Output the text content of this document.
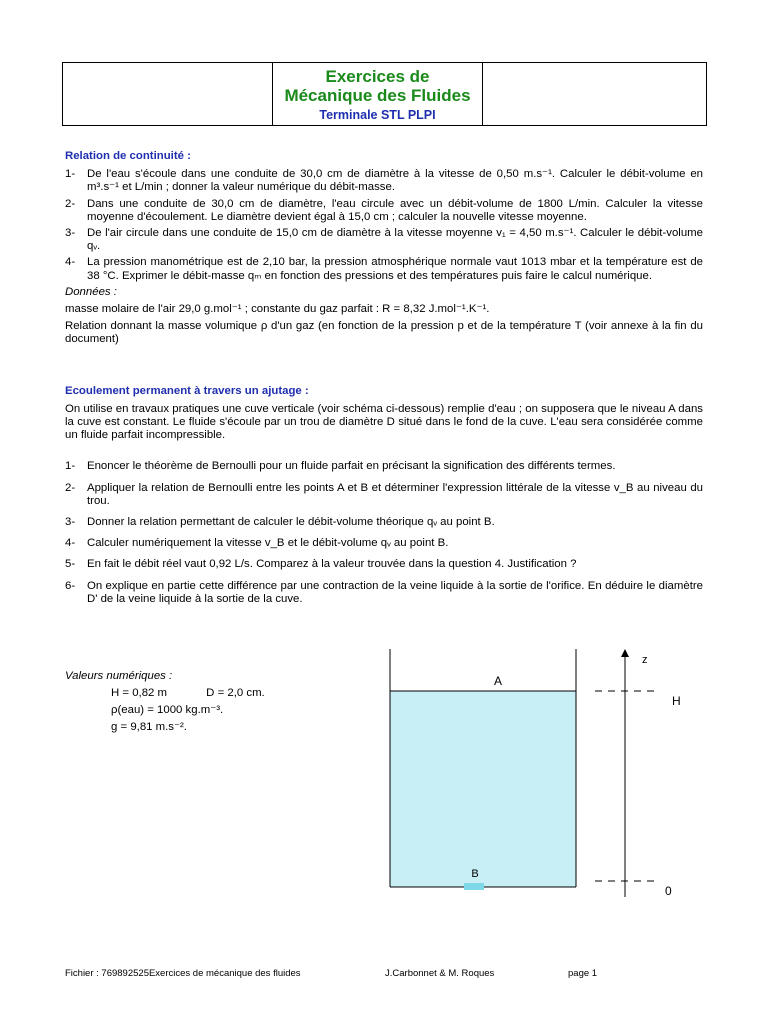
Exercices de
Mécanique des Fluides
Terminale STL PLPI
Relation de continuité :
1-	De l'eau s'écoule dans une conduite de 30,0 cm de diamètre à la vitesse de 0,50 m.s⁻¹. Calculer le débit-volume en m³.s⁻¹ et L/min ; donner la valeur numérique du débit-masse.
2-	Dans une conduite de 30,0 cm de diamètre, l'eau circule avec un débit-volume de 1800 L/min. Calculer la vitesse moyenne d'écoulement. Le diamètre devient égal à 15,0 cm ; calculer la nouvelle vitesse moyenne.
3-	De l'air circule dans une conduite de 15,0 cm de diamètre à la vitesse moyenne v₁ = 4,50 m.s⁻¹. Calculer le débit-volume qᵥ.
4-	La pression manométrique est de 2,10 bar, la pression atmosphérique normale vaut 1013 mbar et la température est de 38 °C. Exprimer le débit-masse qₘ en fonction des pressions et des températures puis faire le calcul numérique.

Données :

masse molaire de l'air 29,0 g.mol⁻¹ ; constante du gaz parfait : R = 8,32 J.mol⁻¹.K⁻¹.

Relation donnant la masse volumique ρ d'un gaz (en fonction de la pression p et de la température T (voir annexe à la fin du document)

Ecoulement permanent à travers un ajutage :

On utilise en travaux pratiques une cuve verticale (voir schéma ci-dessous) remplie d'eau ; on supposera que le niveau A dans la cuve est constant. Le fluide s'écoule par un trou de diamètre D situé dans le fond de la cuve. L'eau sera considérée comme un fluide parfait incompressible.

1-	Enoncer le théorème de Bernoulli pour un fluide parfait en précisant la signification des différents termes.
2-	Appliquer la relation de Bernoulli entre les points A et B et déterminer l'expression littérale de la vitesse v_B au niveau du trou.
3-	Donner la relation permettant de calculer le débit-volume théorique qᵥ au point B.
4-	Calculer numériquement la vitesse v_B et le débit-volume qᵥ au point B.
5-	En fait le débit réel vaut 0,92 L/s. Comparez à la valeur trouvée dans la question 4. Justification ?
6-	On explique en partie cette différence par une contraction de la veine liquide à la sortie de l'orifice. En déduire le diamètre D' de la veine liquide à la sortie de la cuve.
Valeurs numériques :
H = 0,82 m	D = 2,0 cm.
ρ(eau) = 1000 kg.m⁻³.
g = 9,81 m.s⁻².
A
B
z
H
0
Fichier : 769892525Exercices de mécanique des fluides	J.Carbonnet & M. Roques	page 1
